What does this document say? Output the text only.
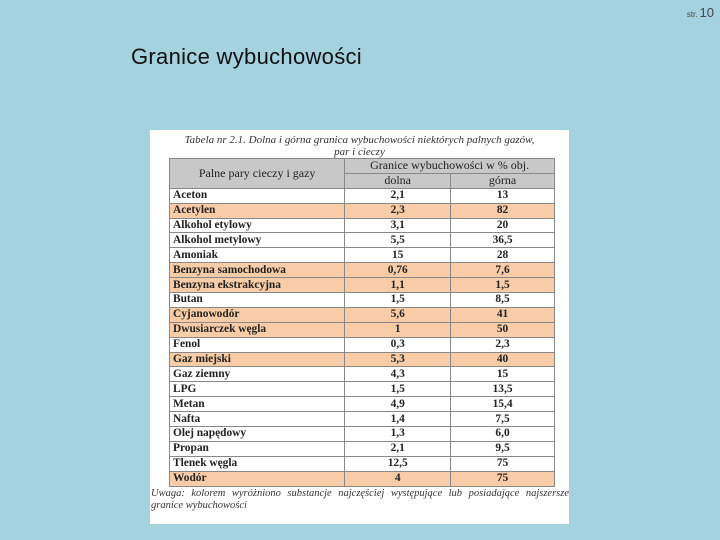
str. 10
Granice wybuchowości
Tabela nr 2.1. Dolna i górna granica wybuchowości niektórych palnych gazów,
par i cieczy
Palne pary cieczy i gazy	Granice wybuchowości w % obj.	
	dolna	górna
Aceton	2,1	13
Acetylen	2,3	82
Alkohol etylowy	3,1	20
Alkohol metylowy	5,5	36,5
Amoniak	15	28
Benzyna samochodowa	0,76	7,6
Benzyna ekstrakcyjna	1,1	1,5
Butan	1,5	8,5
Cyjanowodór	5,6	41
Dwusiarczek węgla	1	50
Fenol	0,3	2,3
Gaz miejski	5,3	40
Gaz ziemny	4,3	15
LPG	1,5	13,5
Metan	4,9	15,4
Nafta	1,4	7,5
Olej napędowy	1,3	6,0
Propan	2,1	9,5
Tlenek węgla	12,5	75
Wodór	4	75
Uwaga: kolorem wyróżniono substancje najczęściej występujące lub posiadające najszersze granice wybuchowości
